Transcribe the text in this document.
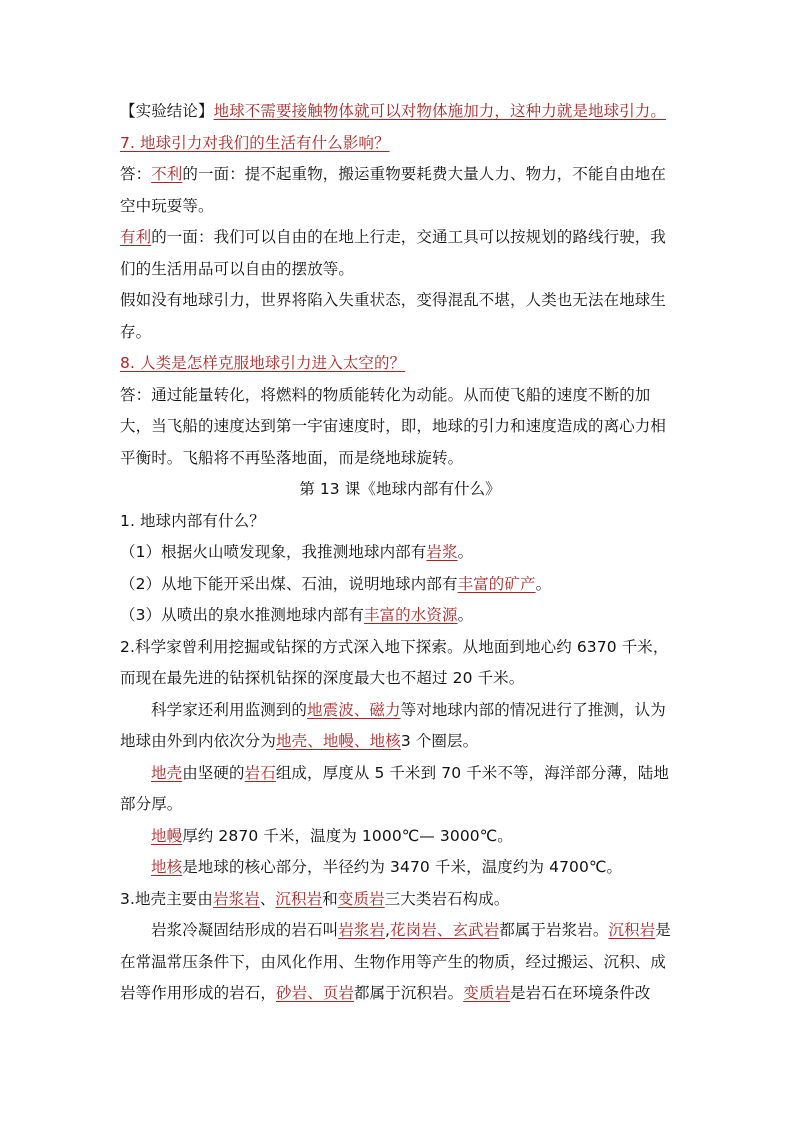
【实验结论】地球不需要接触物体就可以对物体施加力，这种力就是地球引力。

7. 地球引力对我们的生活有什么影响？

答：不利的一面：提不起重物，搬运重物要耗费大量人力、物力，不能自由地在空中玩耍等。

有利的一面：我们可以自由的在地上行走，交通工具可以按规划的路线行驶，我们的生活用品可以自由的摆放等。

假如没有地球引力，世界将陷入失重状态，变得混乱不堪，人类也无法在地球生存。

8. 人类是怎样克服地球引力进入太空的？

答：通过能量转化，将燃料的物质能转化为动能。从而使飞船的速度不断的加大，当飞船的速度达到第一宇宙速度时，即，地球的引力和速度造成的离心力相平衡时。飞船将不再坠落地面，而是绕地球旋转。

第 13 课《地球内部有什么》

1. 地球内部有什么？

（1）根据火山喷发现象，我推测地球内部有岩浆。

（2）从地下能开采出煤、石油，说明地球内部有丰富的矿产。

（3）从喷出的泉水推测地球内部有丰富的水资源。

2.科学家曾利用挖掘或钻探的方式深入地下探索。从地面到地心约 6370 千米，而现在最先进的钻探机钻探的深度最大也不超过 20 千米。

科学家还利用监测到的地震波、磁力等对地球内部的情况进行了推测，认为地球由外到内依次分为地壳、地幔、地核3 个圈层。

地壳由坚硬的岩石组成，厚度从 5 千米到 70 千米不等，海洋部分薄，陆地部分厚。

地幔厚约 2870 千米，温度为 1000℃— 3000℃。

地核是地球的核心部分，半径约为 3470 千米，温度约为 4700℃。

3.地壳主要由岩浆岩、沉积岩和变质岩三大类岩石构成。

岩浆冷凝固结形成的岩石叫岩浆岩,花岗岩、玄武岩都属于岩浆岩。沉积岩是在常温常压条件下，由风化作用、生物作用等产生的物质，经过搬运、沉积、成岩等作用形成的岩石，砂岩、页岩都属于沉积岩。变质岩是岩石在环境条件改
